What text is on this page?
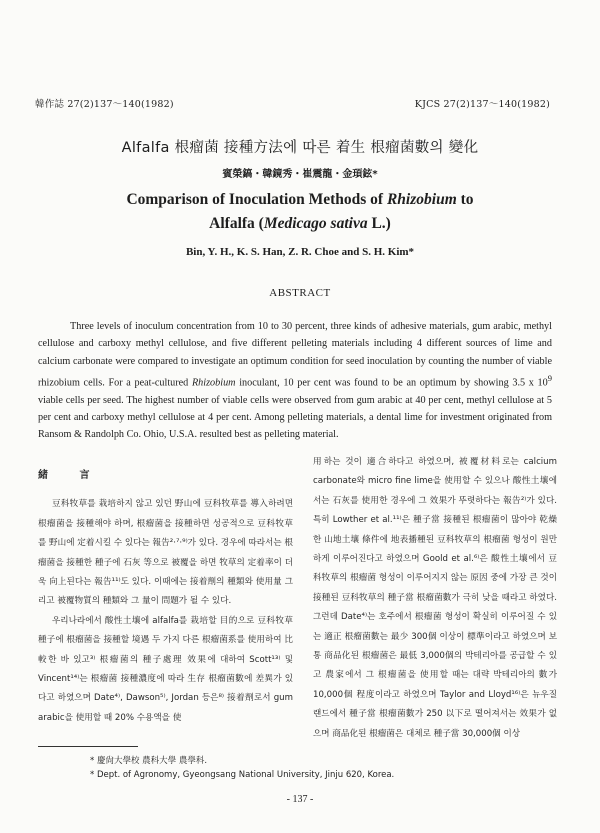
韓作誌 27(2)137〜140(1982)	KJCS 27(2)137〜140(1982)
Alfalfa 根瘤菌 接種方法에 따른 着生 根瘤菌數의 變化
賓榮鎬・韓鏡秀・崔震龍・金頊鉉*
Comparison of Inoculation Methods of Rhizobium to
Alfalfa (Medicago sativa L.)
Bin, Y. H., K. S. Han, Z. R. Choe and S. H. Kim*
ABSTRACT

Three levels of inoculum concentration from 10 to 30 percent, three kinds of adhesive materials, gum arabic, methyl cellulose and carboxy methyl cellulose, and five different pelleting materials including 4 different sources of lime and calcium carbonate were compared to investigate an optimum condition for seed inoculation by counting the number of viable rhizobium cells. For a peat-cultured Rhizobium inoculant, 10 per cent was found to be an optimum by showing 3.5 x $10^9$ viable cells per seed. The highest number of viable cells were observed from gum arabic at 40 per cent, methyl cellulose at 5 per cent and carboxy methyl cellulose at 4 per cent. Among pelleting materials, a dental lime for investment originated from Ransom & Randolph Co. Ohio, U.S.A. resulted best as pelleting material.

緒 言

豆科牧草를 栽培하지 않고 있던 野山에 豆科牧草를 導入하려면 根瘤菌을 接種해야 하며, 根瘤菌을 接種하면 성공적으로 豆科牧草를 野山에 定着시킬 수 있다는 報告²·⁷·⁹⁾가 있다. 경우에 따라서는 根瘤菌을 接種한 種子에 石灰 等으로 被覆을 하면 牧草의 定着率이 더욱 向上된다는 報告¹¹⁾도 있다. 이때에는 接着劑의 種類와 使用量 그리고 被覆物質의 種類와 그 量이 問題가 될 수 있다.

우리나라에서 酸性土壤에 alfalfa를 栽培할 目的으로 豆科牧草 種子에 根瘤菌을 接種할 境遇 두 가지 다른 根瘤菌系를 使用하여 比較한 바 있고³⁾ 根瘤菌의 種子處理 效果에 대하여 Scott¹³⁾ 및 Vincent¹⁴⁾는 根瘤菌 接種濃度에 따라 生存 根瘤菌數에 差異가 있다고 하였으며 Date⁴⁾, Dawson⁵⁾, Jordan 등은⁸⁾ 接着劑로서 gum arabic을 使用할 때 20% 수용액을 使

用하는 것이 適合하다고 하였으며, 被覆材料로는 calcium carbonate와 micro fine lime을 使用할 수 있으나 酸性土壤에서는 石灰를 使用한 경우에 그 效果가 뚜렷하다는 報告²⁾가 있다. 특히 Lowther et al.¹¹⁾은 種子當 接種된 根瘤菌이 많아야 乾燥한 山地土壤 條件에 地表播種된 豆科牧草의 根瘤菌 형성이 원만하게 이루어진다고 하였으며 Goold et al.⁶⁾은 酸性土壤에서 豆科牧草의 根瘤菌 형성이 이루어지지 않는 原因 중에 가장 큰 것이 接種된 豆科牧草의 種子當 根瘤菌數가 극히 낮을 때라고 하였다. 그런데 Date⁴⁾는 호주에서 根瘤菌 형성이 확실히 이루어질 수 있는 適正 根瘤菌數는 最少 300個 이상이 標準이라고 하였으며 보통 商品化된 根瘤菌은 最低 3,000個의 박테리아를 공급할 수 있고 農家에서 그 根瘤菌을 使用할 때는 대략 박테리아의 數가 10,000個 程度이라고 하였으며 Taylor and Lloyd¹⁶⁾은 뉴우질랜드에서 種子當 根瘤菌數가 250 以下로 떨어져서는 效果가 없으며 商品化된 根瘤菌은 대체로 種子當 30,000個 이상

* 慶尙大學校 農科大學 農學科.

* Dept. of Agronomy, Gyeongsang National University, Jinju 620, Korea.

- 137 -
